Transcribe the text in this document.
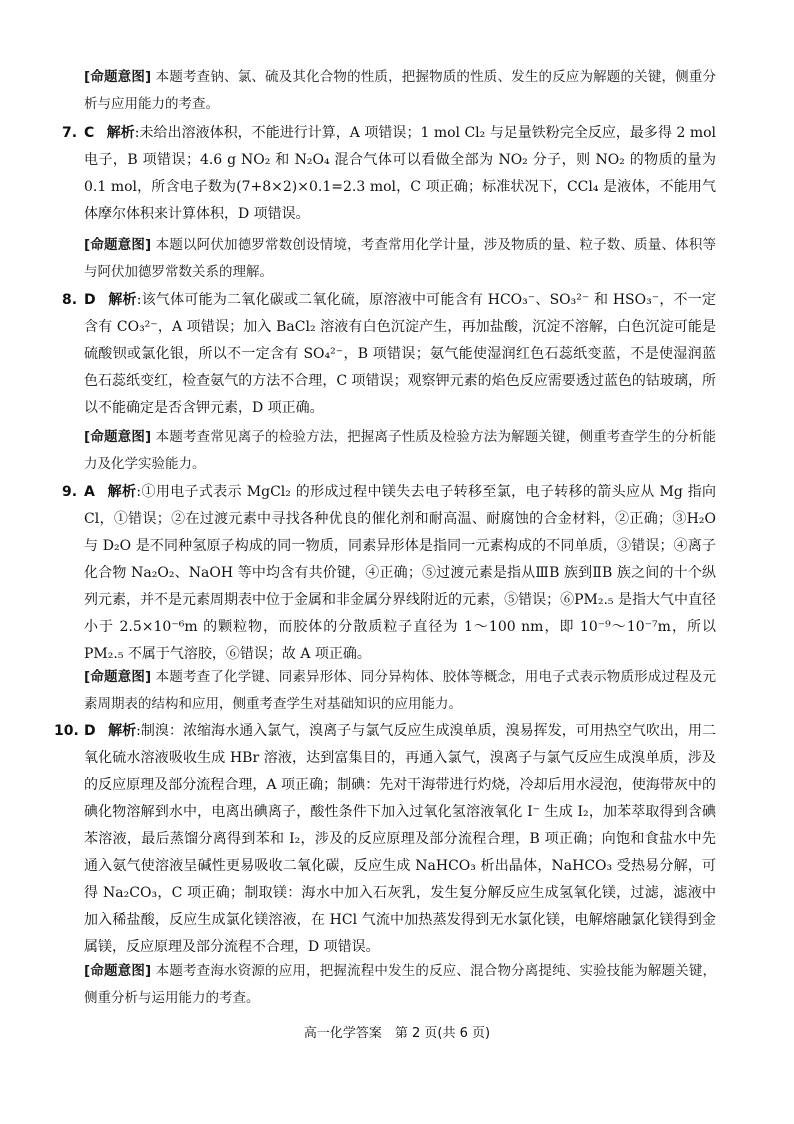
[命题意图] 本题考查钠、氯、硫及其化合物的性质，把握物质的性质、发生的反应为解题的关键，侧重分析与应用能力的考查。
7. C 解析:未给出溶液体积，不能进行计算，A 项错误；1 mol Cl₂ 与足量铁粉完全反应，最多得 2 mol 电子，B 项错误；4.6 g NO₂ 和 N₂O₄ 混合气体可以看做全部为 NO₂ 分子，则 NO₂ 的物质的量为 0.1 mol，所含电子数为(7+8×2)×0.1=2.3 mol，C 项正确；标准状况下，CCl₄ 是液体，不能用气体摩尔体积来计算体积，D 项错误。
[命题意图] 本题以阿伏加德罗常数创设情境，考查常用化学计量，涉及物质的量、粒子数、质量、体积等与阿伏加德罗常数关系的理解。
8. D 解析:该气体可能为二氧化碳或二氧化硫，原溶液中可能含有 HCO₃⁻、SO₃²⁻ 和 HSO₃⁻，不一定含有 CO₃²⁻，A 项错误；加入 BaCl₂ 溶液有白色沉淀产生，再加盐酸，沉淀不溶解，白色沉淀可能是硫酸钡或氯化银，所以不一定含有 SO₄²⁻，B 项错误；氨气能使湿润红色石蕊纸变蓝，不是使湿润蓝色石蕊纸变红，检查氨气的方法不合理，C 项错误；观察钾元素的焰色反应需要透过蓝色的钴玻璃，所以不能确定是否含钾元素，D 项正确。
[命题意图] 本题考查常见离子的检验方法，把握离子性质及检验方法为解题关键，侧重考查学生的分析能力及化学实验能力。
9. A 解析:①用电子式表示 MgCl₂ 的形成过程中镁失去电子转移至氯，电子转移的箭头应从 Mg 指向 Cl，①错误；②在过渡元素中寻找各种优良的催化剂和耐高温、耐腐蚀的合金材料，②正确；③H₂O 与 D₂O 是不同种氢原子构成的同一物质，同素异形体是指同一元素构成的不同单质，③错误；④离子化合物 Na₂O₂、NaOH 等中均含有共价键，④正确；⑤过渡元素是指从ⅢB 族到ⅡB 族之间的十个纵列元素，并不是元素周期表中位于金属和非金属分界线附近的元素，⑤错误；⑥PM₂.₅ 是指大气中直径小于 2.5×10⁻⁶m 的颗粒物，而胶体的分散质粒子直径为 1～100 nm，即 10⁻⁹～10⁻⁷m，所以 PM₂.₅ 不属于气溶胶，⑥错误；故 A 项正确。
[命题意图] 本题考查了化学键、同素异形体、同分异构体、胶体等概念，用电子式表示物质形成过程及元素周期表的结构和应用，侧重考查学生对基础知识的应用能力。
10. D 解析:制溴：浓缩海水通入氯气，溴离子与氯气反应生成溴单质，溴易挥发，可用热空气吹出，用二氧化硫水溶液吸收生成 HBr 溶液，达到富集目的，再通入氯气，溴离子与氯气反应生成溴单质，涉及的反应原理及部分流程合理，A 项正确；制碘：先对干海带进行灼烧，冷却后用水浸泡，使海带灰中的碘化物溶解到水中，电离出碘离子，酸性条件下加入过氧化氢溶液氧化 I⁻ 生成 I₂，加苯萃取得到含碘苯溶液，最后蒸馏分离得到苯和 I₂，涉及的反应原理及部分流程合理，B 项正确；向饱和食盐水中先通入氨气使溶液呈碱性更易吸收二氧化碳，反应生成 NaHCO₃ 析出晶体，NaHCO₃ 受热易分解，可得 Na₂CO₃，C 项正确；制取镁：海水中加入石灰乳，发生复分解反应生成氢氧化镁，过滤，滤液中加入稀盐酸，反应生成氯化镁溶液，在 HCl 气流中加热蒸发得到无水氯化镁，电解熔融氯化镁得到金属镁，反应原理及部分流程不合理，D 项错误。
[命题意图] 本题考查海水资源的应用，把握流程中发生的反应、混合物分离提纯、实验技能为解题关键，侧重分析与运用能力的考查。
高一化学答案　第 2 页(共 6 页)
